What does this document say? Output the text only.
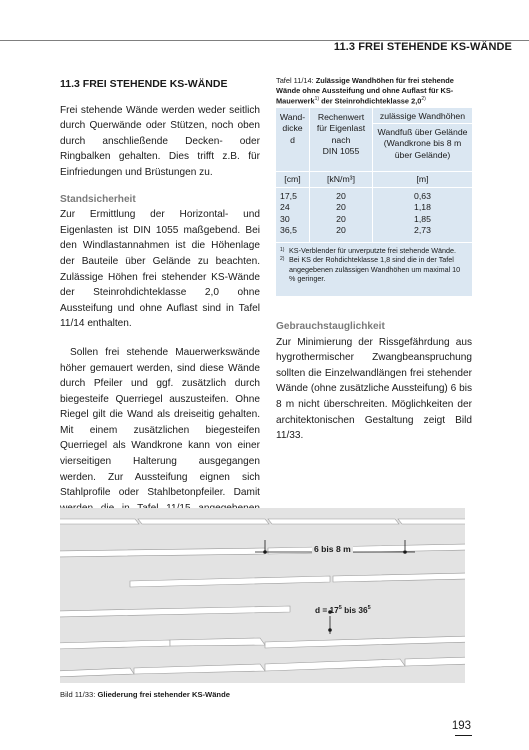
11.3 FREI STEHENDE KS-WÄNDE

11.3 FREI STEHENDE KS-WÄNDE

Frei stehende Wände werden weder seitlich durch Querwände oder Stützen, noch oben durch anschließende Decken- oder Ringbalken gehalten. Dies trifft z.B. für Einfriedungen und Brüstungen zu.

Standsicherheit

Zur Ermittlung der Horizontal- und Eigenlasten ist DIN 1055 maßgebend. Bei den Windlastannahmen ist die Höhenlage der Bauteile über Gelände zu beachten. Zulässige Höhen frei stehender KS-Wände der Steinrohdichteklasse 2,0 ohne Aussteifung und ohne Auflast sind in Tafel 11/14 enthalten.

Sollen frei stehende Mauerwerkswände höher gemauert werden, sind diese Wände durch Pfeiler und ggf. zusätzlich durch biegesteife Querriegel auszusteifen. Ohne Riegel gilt die Wand als dreiseitig gehalten. Mit einem zusätzlichen biegesteifen Querriegel als Wandkrone kann von einer vierseitigen Halterung ausgegangen werden. Zur Aussteifung eignen sich Stahlprofile oder Stahlbetonpfeiler. Damit

Tafel 11/14: Zulässige Wandhöhen für frei stehende Wände ohne Aussteifung und ohne Auflast für KS-Mauerwerk$^{1)}$ der Steinrohdichteklasse 2,0$^{2)}$
Wand-
dicke
d
Rechenwert
für Eigenlast
nach
DIN 1055
zulässige Wandhöhen
Wandfuß über Gelände
(Wandkrone bis 8 m
über Gelände)
[cm]	[kN/m³]	[m]
17,5
24
30
36,5
20
20
20
20
0,63
1,18
1,85
2,73
1) KS-Verblender für unverputzte frei stehende Wände.
2) Bei KS der Rohdichteklasse 1,8 sind die in der Tafel angegebenen zulässigen Wandhöhen um maximal 10 % geringer.

Gebrauchstauglichkeit

Zur Minimierung der Rissgefährdung aus hygrothermischer Zwangbeanspruchung sollten die Einzelwandlängen frei stehender Wände (ohne zusätzliche Aussteifung) 6 bis 8 m nicht überschreiten. Möglichkeiten der architektonischen Gestaltung zeigt Bild 11/33.

6 bis 8 m
$d = 17^5$ bis $36^5$
Bild 11/33: Gliederung frei stehender KS-Wände
193
